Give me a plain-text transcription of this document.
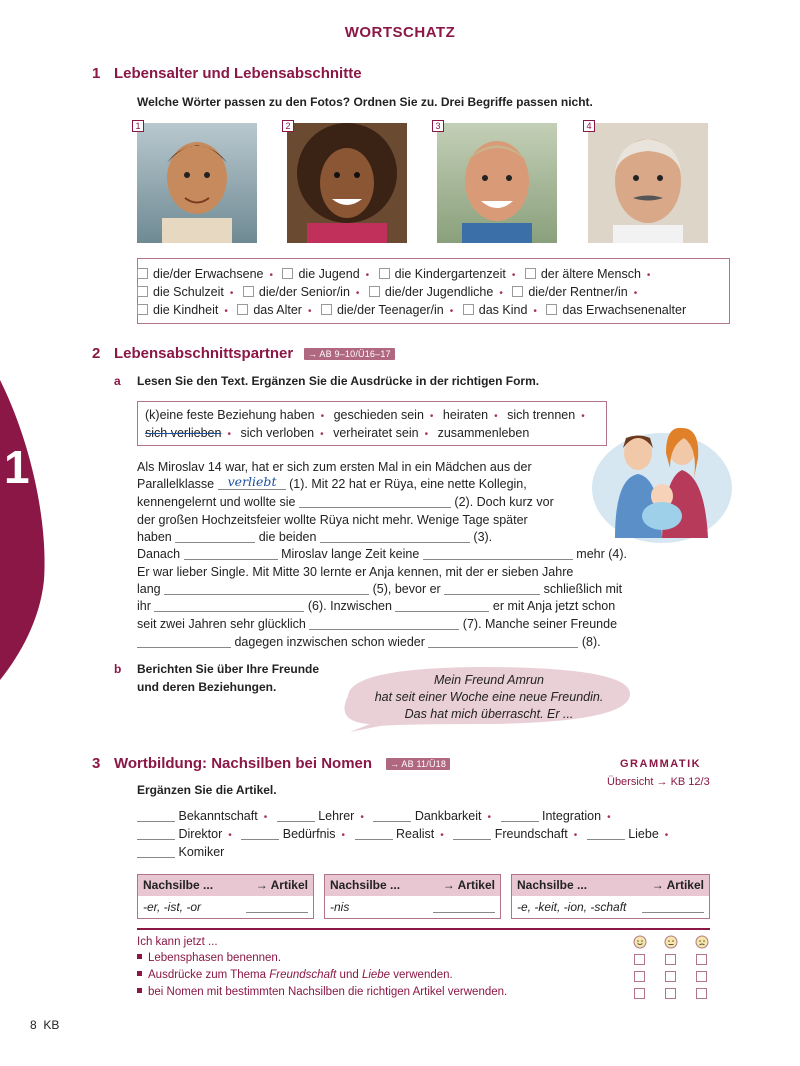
1
WORTSCHATZ
1 Lebensalter und Lebensabschnitte
Welche Wörter passen zu den Fotos? Ordnen Sie zu. Drei Begriffe passen nicht.
1	2	3	4
die/der Erwachsene • die Jugend • die Kindergartenzeit • der ältere Mensch •
die Schulzeit • die/der Senior/in • die/der Jugendliche • die/der Rentner/in •
die Kindheit • das Alter • die/der Teenager/in • das Kind • das Erwachsenenalter
2 Lebensabschnittspartner	→ AB 9–10/Ü16–17
a Lesen Sie den Text. Ergänzen Sie die Ausdrücke in der richtigen Form.
(k)eine feste Beziehung haben • geschieden sein • heiraten • sich trennen •
sich verlieben • sich verloben • verheiratet sein • zusammenleben
Als Miroslav 14 war, hat er sich zum ersten Mal in ein Mädchen aus der
Parallelklasse verliebt (1). Mit 22 hat er Rüya, eine nette Kollegin,
kennengelernt und wollte sie	(2). Doch kurz vor
der großen Hochzeitsfeier wollte Rüya nicht mehr. Wenige Tage später
haben	die beiden	(3).
Danach	Miroslav lange Zeit keine	mehr (4).
Er war lieber Single. Mit Mitte 30 lernte er Anja kennen, mit der er sieben Jahre
lang	(5), bevor er	schließlich mit
ihr	(6). Inzwischen	er mit Anja jetzt schon
seit zwei Jahren sehr glücklich	(7). Manche seiner Freunde
dagegen inzwischen schon wieder	(8).
b Berichten Sie über Ihre Freunde
und deren Beziehungen.	Mein Freund Amrun
hat seit einer Woche eine neue Freundin.
Das hat mich überrascht. Er ...
3 Wortbildung: Nachsilben bei Nomen	→ AB 11/Ü18	GRAMMATIK
Übersicht → KB 12/3
Ergänzen Sie die Artikel.
Bekanntschaft •	Lehrer •	Dankbarkeit •	Integration •
Direktor •	Bedürfnis •	Realist •	Freundschaft •	Liebe •
Komiker
Nachsilbe ...	→ Artikel
-er, -ist, -or
Nachsilbe ...	→ Artikel
-nis
Nachsilbe ...	→ Artikel
-e, -keit, -ion, -schaft
Ich kann jetzt ...
Lebensphasen benennen.
Ausdrücke zum Thema Freundschaft und Liebe verwenden.
bei Nomen mit bestimmten Nachsilben die richtigen Artikel verwenden.
8  KB
